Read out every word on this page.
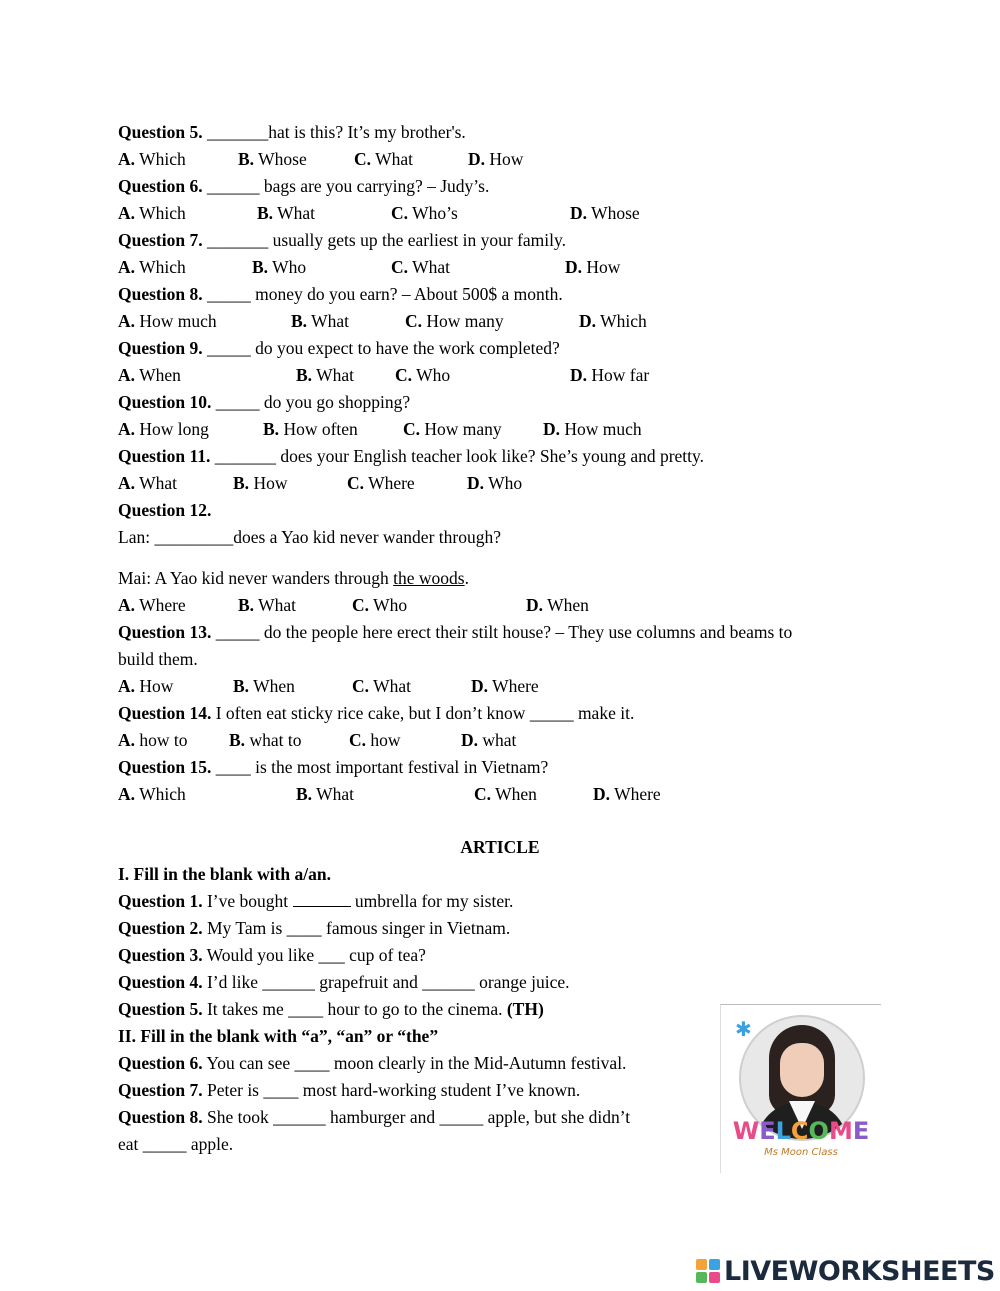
Question 5. _______hat is this? It’s my brother's.
A. Which	B. Whose	C. What	D. How
Question 6. ______ bags are you carrying? – Judy’s.
A. Which	B. What	C. Who’s	D. Whose
Question 7. _______ usually gets up the earliest in your family.
A. Which	B. Who	C. What	D. How
Question 8. _____ money do you earn? – About 500$ a month.
A. How much	B. What	C. How many	D. Which
Question 9. _____ do you expect to have the work completed?
A. When	B. What C. Who	D. How far
Question 10. _____ do you go shopping?
A. How long	B. How often	C. How many D. How much
Question 11. _______ does your English teacher look like? She’s young and pretty.
A. What	B. How	C. Where	D. Who
Question 12.
Lan: _________does a Yao kid never wander through?
Mai: A Yao kid never wanders through the woods.
A. Where	B. What	C. Who	D. When
Question 13. _____ do the people here erect their stilt house? – They use columns and beams to
build them.
A. How	B. When	C. What	D. Where
Question 14. I often eat sticky rice cake, but I don’t know _____ make it.
A. how to B. what to	C. how	D. what
Question 15. ____ is the most important festival in Vietnam?
A. Which	B. What	C. When	D. Where
ARTICLE
I. Fill in the blank with a/an.
Question 1. I’ve bought	umbrella for my sister.
Question 2. My Tam is ____ famous singer in Vietnam.
Question 3. Would you like ___ cup of tea?
Question 4. I’d like ______ grapefruit and ______ orange juice.
Question 5. It takes me ____ hour to go to the cinema. (TH)
II. Fill in the blank with “a”, “an” or “the”
Question 6. You can see ____ moon clearly in the Mid-Autumn festival.
Question 7. Peter is ____ most hard-working student I’ve known.
Question 8. She took ______ hamburger and _____ apple, but she didn’t
eat _____ apple.
✱
WELCOME
Ms Moon Class
LIVEWORKSHEETS
